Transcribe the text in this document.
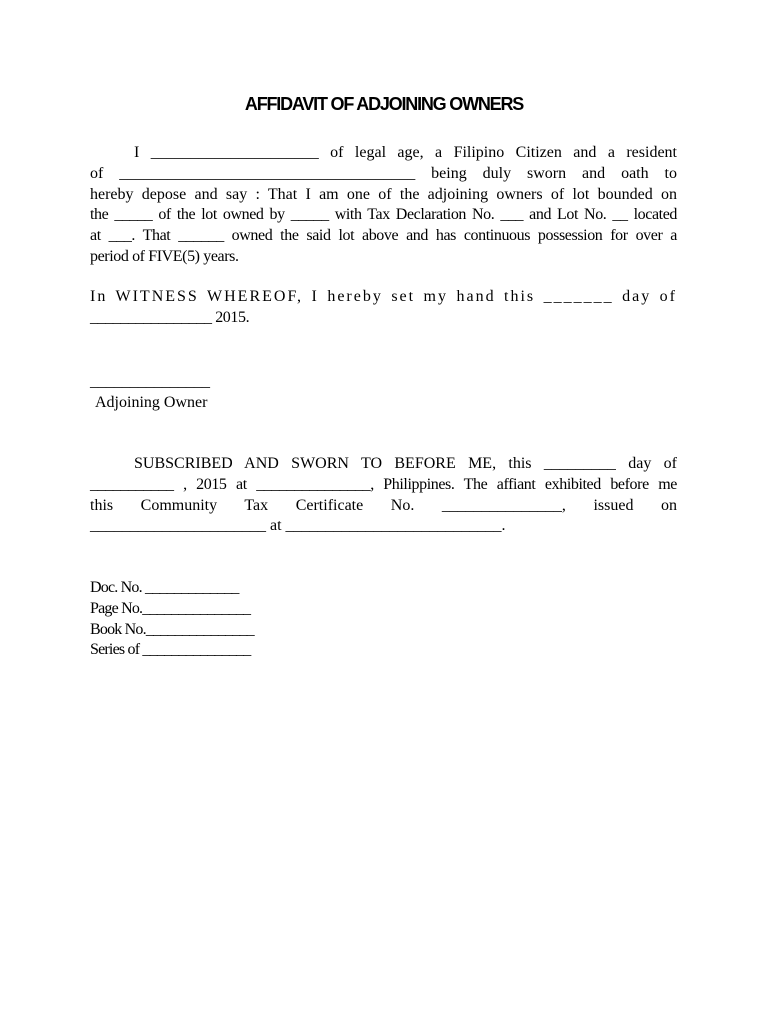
AFFIDAVIT OF ADJOINING OWNERS
I _____________________ of legal age, a Filipino Citizen and a resident
of _____________________________________ being duly sworn and oath to
hereby depose and say : That I am one of the adjoining owners of lot bounded on
the _____ of the lot owned by _____ with Tax Declaration No. ___ and Lot No. __ located
at ___. That ______ owned the said lot above and has continuous possession for over a
period of FIVE(5) years.
In WITNESS WHEREOF, I hereby set my hand this _______ day of
________________ 2015.
_______________
Adjoining Owner
SUBSCRIBED AND SWORN TO BEFORE ME, this _________ day of
___________ , 2015 at _______________, Philippines. The affiant exhibited before me
this Community Tax Certificate No. _______________, issued on
______________________ at ___________________________.
Doc. No. _____________
Page No._______________
Book No._______________
Series of _______________
